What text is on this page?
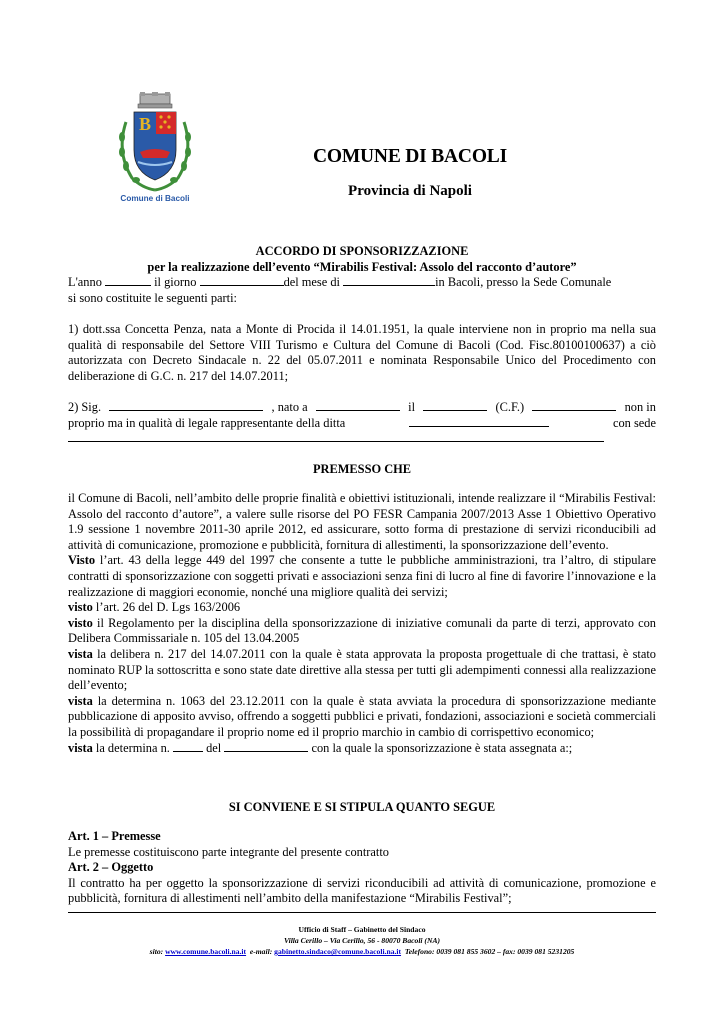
B
Comune di Bacoli
COMUNE DI BACOLI
Provincia di Napoli

ACCORDO DI SPONSORIZZAZIONE

per la realizzazione dell’evento “Mirabilis Festival: Assolo del racconto d’autore”

L'anno	il giorno	del mese di	in Bacoli, presso la Sede Comunale

si sono costituite le seguenti parti:

1) dott.ssa Concetta Penza, nata a Monte di Procida il 14.01.1951, la quale interviene non in proprio ma nella sua qualità di responsabile del Settore VIII Turismo e Cultura del Comune di Bacoli (Cod. Fisc.80100100637) a ciò autorizzata con Decreto Sindacale n. 22 del 05.07.2011 e nominata Responsabile Unico del Procedimento con deliberazione di G.C. n. 217 del 14.07.2011;

2) Sig.	, nato a	il	(C.F.)	non in

proprio ma in qualità di legale rappresentante della ditta	con sede

PREMESSO CHE

il Comune di Bacoli, nell’ambito delle proprie finalità e obiettivi istituzionali, intende realizzare il “Mirabilis Festival: Assolo del racconto d’autore”, a valere sulle risorse del PO FESR Campania 2007/2013 Asse 1 Obiettivo Operativo 1.9 sessione 1 novembre 2011-30 aprile 2012, ed assicurare, sotto forma di prestazione di servizi riconducibili ad attività di comunicazione, promozione e pubblicità, fornitura di allestimenti, la sponsorizzazione dell’evento.

Visto l’art. 43 della legge 449 del 1997 che consente a tutte le pubbliche amministrazioni, tra l’altro, di stipulare contratti di sponsorizzazione con soggetti privati e associazioni senza fini di lucro al fine di favorire l’innovazione e la realizzazione di maggiori economie, nonché una migliore qualità dei servizi;

visto l’art. 26 del D. Lgs 163/2006

visto il Regolamento per la disciplina della sponsorizzazione di iniziative comunali da parte di terzi, approvato con Delibera Commissariale n. 105 del 13.04.2005

vista la delibera n. 217 del 14.07.2011 con la quale è stata approvata la proposta progettuale di che trattasi, è stato nominato RUP la sottoscritta e sono state date direttive alla stessa per tutti gli adempimenti connessi alla realizzazione dell’evento;

vista la determina n. 1063 del 23.12.2011 con la quale è stata avviata la procedura di sponsorizzazione mediante pubblicazione di apposito avviso, offrendo a soggetti pubblici e privati, fondazioni, associazioni e società commerciali la possibilità di propagandare il proprio nome ed il proprio marchio in cambio di corrispettivo economico;

vista la determina n.	del	con la quale la sponsorizzazione è stata assegnata a:;

SI CONVIENE E SI STIPULA QUANTO SEGUE

Art. 1 – Premesse

Le premesse costituiscono parte integrante del presente contratto

Art. 2 – Oggetto

Il contratto ha per oggetto la sponsorizzazione di servizi riconducibili ad attività di comunicazione, promozione e pubblicità, fornitura di allestimenti nell’ambito della manifestazione “Mirabilis Festival”;

Ufficio di Staff – Gabinetto del Sindaco
Villa Cerillo – Via Cerillo, 56 - 80070 Bacoli (NA)
sito: www.comune.bacoli.na.it e-mail: gabinetto.sindaco@comune.bacoli.na.it Telefono: 0039 081 855 3602 – fax: 0039 081 5231205
